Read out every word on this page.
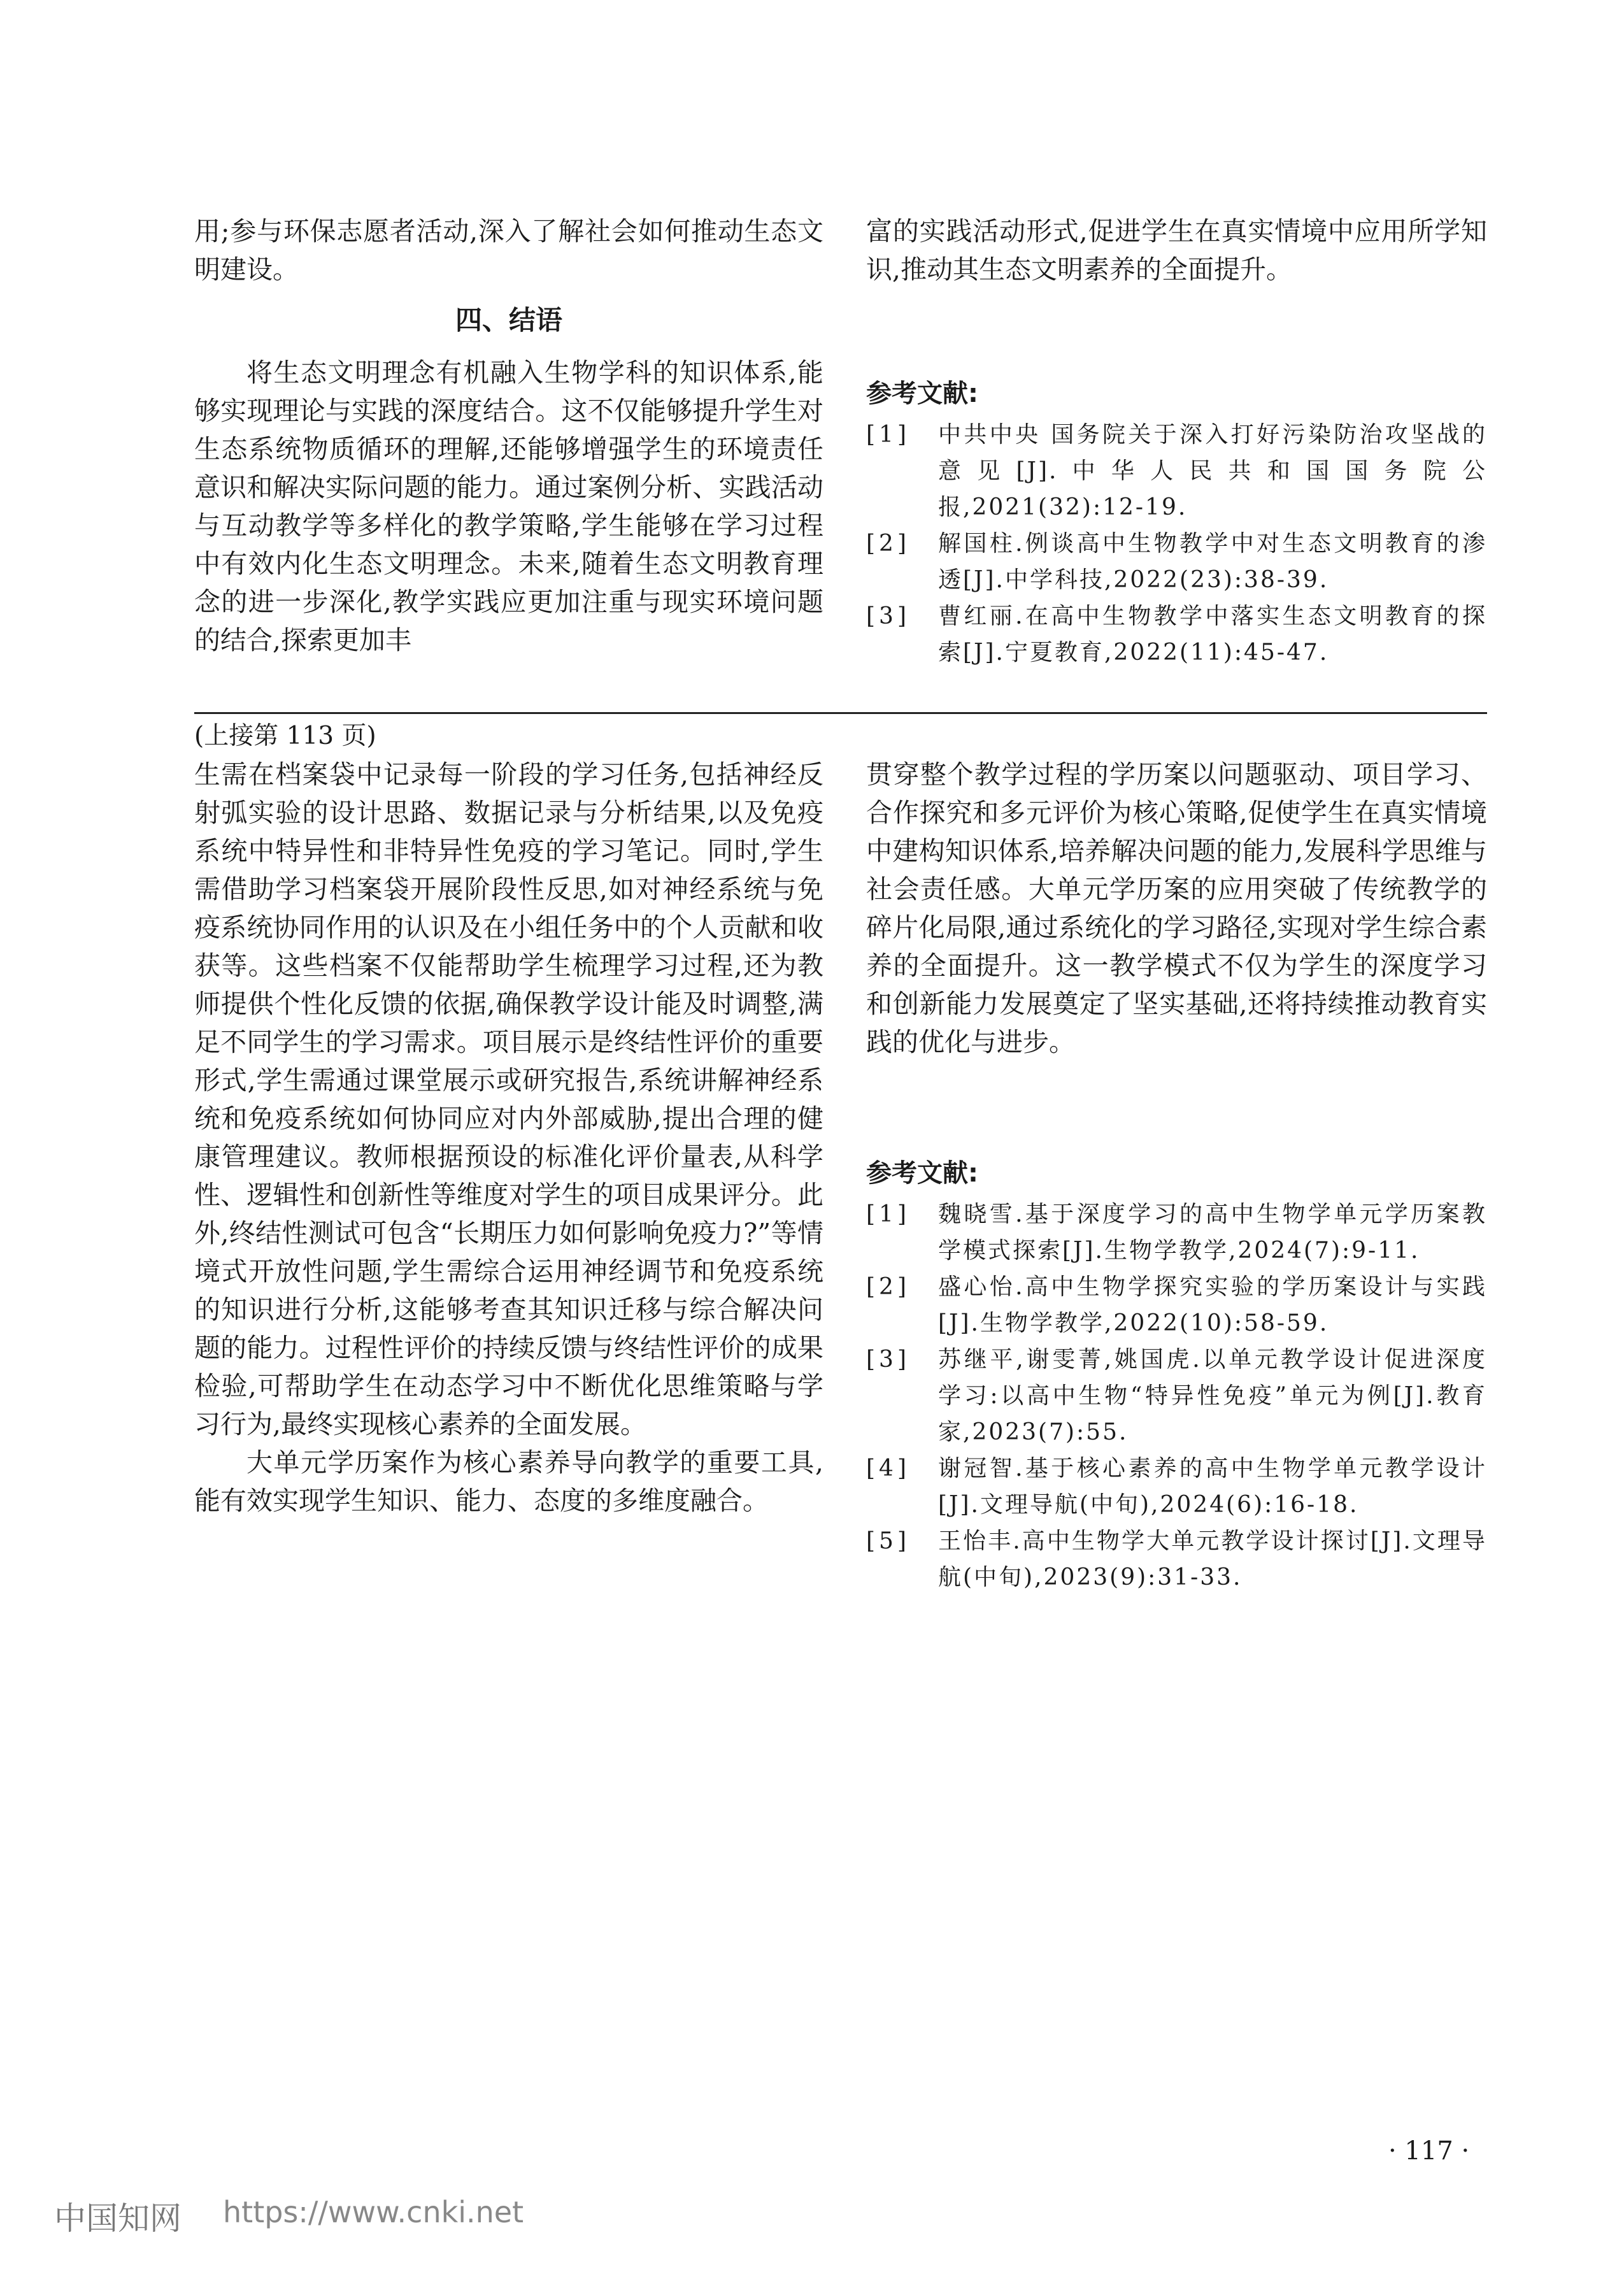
用;参与环保志愿者活动,深入了解社会如何推动生态文明建设。

四、结语

将生态文明理念有机融入生物学科的知识体系,能够实现理论与实践的深度结合。这不仅能够提升学生对生态系统物质循环的理解,还能够增强学生的环境责任意识和解决实际问题的能力。通过案例分析、实践活动与互动教学等多样化的教学策略,学生能够在学习过程中有效内化生态文明理念。未来,随着生态文明教育理念的进一步深化,教学实践应更加注重与现实环境问题的结合,探索更加丰

富的实践活动形式,促进学生在真实情境中应用所学知识,推动其生态文明素养的全面提升。

参考文献:
[1]	中共中央 国务院关于深入打好污染防治攻坚战的意见[J].中华人民共和国国务院公报,2021(32):12-19.
[2]	解国柱.例谈高中生物教学中对生态文明教育的渗透[J].中学科技,2022(23):38-39.
[3]	曹红丽.在高中生物教学中落实生态文明教育的探索[J].宁夏教育,2022(11):45-47.
(上接第 113 页)

生需在档案袋中记录每一阶段的学习任务,包括神经反射弧实验的设计思路、数据记录与分析结果,以及免疫系统中特异性和非特异性免疫的学习笔记。同时,学生需借助学习档案袋开展阶段性反思,如对神经系统与免疫系统协同作用的认识及在小组任务中的个人贡献和收获等。这些档案不仅能帮助学生梳理学习过程,还为教师提供个性化反馈的依据,确保教学设计能及时调整,满足不同学生的学习需求。项目展示是终结性评价的重要形式,学生需通过课堂展示或研究报告,系统讲解神经系统和免疫系统如何协同应对内外部威胁,提出合理的健康管理建议。教师根据预设的标准化评价量表,从科学性、逻辑性和创新性等维度对学生的项目成果评分。此外,终结性测试可包含“长期压力如何影响免疫力?”等情境式开放性问题,学生需综合运用神经调节和免疫系统的知识进行分析,这能够考查其知识迁移与综合解决问题的能力。过程性评价的持续反馈与终结性评价的成果检验,可帮助学生在动态学习中不断优化思维策略与学习行为,最终实现核心素养的全面发展。

大单元学历案作为核心素养导向教学的重要工具,能有效实现学生知识、能力、态度的多维度融合。

贯穿整个教学过程的学历案以问题驱动、项目学习、合作探究和多元评价为核心策略,促使学生在真实情境中建构知识体系,培养解决问题的能力,发展科学思维与社会责任感。大单元学历案的应用突破了传统教学的碎片化局限,通过系统化的学习路径,实现对学生综合素养的全面提升。这一教学模式不仅为学生的深度学习和创新能力发展奠定了坚实基础,还将持续推动教育实践的优化与进步。

参考文献:
[1]	魏晓雪.基于深度学习的高中生物学单元学历案教学模式探索[J].生物学教学,2024(7):9-11.
[2]	盛心怡.高中生物学探究实验的学历案设计与实践[J].生物学教学,2022(10):58-59.
[3]	苏继平,谢雯菁,姚国虎.以单元教学设计促进深度学习:以高中生物“特异性免疫”单元为例[J].教育家,2023(7):55.
[4]	谢冠智.基于核心素养的高中生物学单元教学设计[J].文理导航(中旬),2024(6):16-18.
[5]	王怡丰.高中生物学大单元教学设计探讨[J].文理导航(中旬),2023(9):31-33.
· 117 ·
中国知网 https://www.cnki.net
